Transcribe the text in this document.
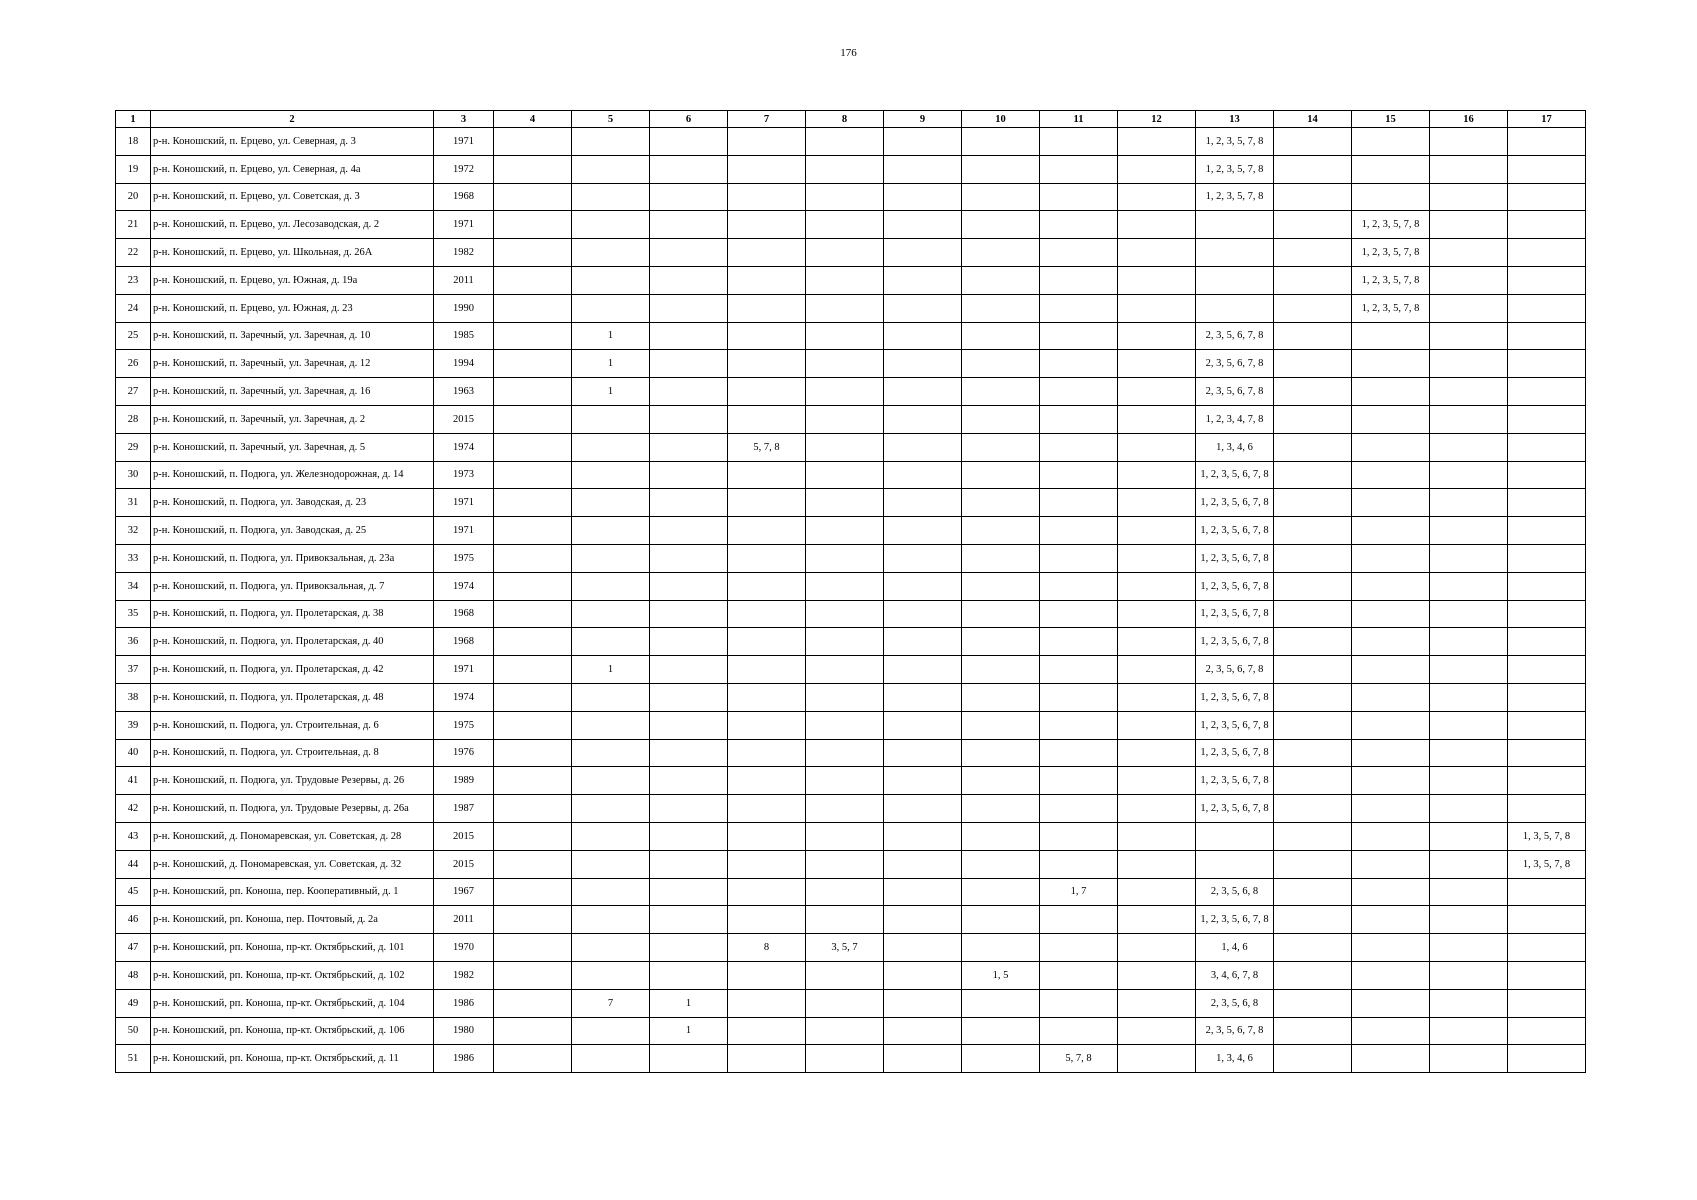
176
1	2	3	4	5	6	7	8	9	10	11	12	13	14	15	16	17
18	р-н. Коношский, п. Ерцево, ул. Северная, д. 3	1971										1, 2, 3, 5, 7, 8				
19	р-н. Коношский, п. Ерцево, ул. Северная, д. 4а	1972										1, 2, 3, 5, 7, 8				
20	р-н. Коношский, п. Ерцево, ул. Советская, д. 3	1968										1, 2, 3, 5, 7, 8				
21	р-н. Коношский, п. Ерцево, ул. Лесозаводская, д. 2	1971												1, 2, 3, 5, 7, 8		
22	р-н. Коношский, п. Ерцево, ул. Школьная, д. 26А	1982												1, 2, 3, 5, 7, 8		
23	р-н. Коношский, п. Ерцево, ул. Южная, д. 19а	2011												1, 2, 3, 5, 7, 8		
24	р-н. Коношский, п. Ерцево, ул. Южная, д. 23	1990												1, 2, 3, 5, 7, 8		
25	р-н. Коношский, п. Заречный, ул. Заречная, д. 10	1985		1								2, 3, 5, 6, 7, 8				
26	р-н. Коношский, п. Заречный, ул. Заречная, д. 12	1994		1								2, 3, 5, 6, 7, 8				
27	р-н. Коношский, п. Заречный, ул. Заречная, д. 16	1963		1								2, 3, 5, 6, 7, 8				
28	р-н. Коношский, п. Заречный, ул. Заречная, д. 2	2015										1, 2, 3, 4, 7, 8				
29	р-н. Коношский, п. Заречный, ул. Заречная, д. 5	1974				5, 7, 8						1, 3, 4, 6				
30	р-н. Коношский, п. Подюга, ул. Железнодорожная, д. 14	1973										1, 2, 3, 5, 6, 7, 8				
31	р-н. Коношский, п. Подюга, ул. Заводская, д. 23	1971										1, 2, 3, 5, 6, 7, 8				
32	р-н. Коношский, п. Подюга, ул. Заводская, д. 25	1971										1, 2, 3, 5, 6, 7, 8				
33	р-н. Коношский, п. Подюга, ул. Привокзальная, д. 23а	1975										1, 2, 3, 5, 6, 7, 8				
34	р-н. Коношский, п. Подюга, ул. Привокзальная, д. 7	1974										1, 2, 3, 5, 6, 7, 8				
35	р-н. Коношский, п. Подюга, ул. Пролетарская, д. 38	1968										1, 2, 3, 5, 6, 7, 8				
36	р-н. Коношский, п. Подюга, ул. Пролетарская, д. 40	1968										1, 2, 3, 5, 6, 7, 8				
37	р-н. Коношский, п. Подюга, ул. Пролетарская, д. 42	1971		1								2, 3, 5, 6, 7, 8				
38	р-н. Коношский, п. Подюга, ул. Пролетарская, д. 48	1974										1, 2, 3, 5, 6, 7, 8				
39	р-н. Коношский, п. Подюга, ул. Строительная, д. 6	1975										1, 2, 3, 5, 6, 7, 8				
40	р-н. Коношский, п. Подюга, ул. Строительная, д. 8	1976										1, 2, 3, 5, 6, 7, 8				
41	р-н. Коношский, п. Подюга, ул. Трудовые Резервы, д. 26	1989										1, 2, 3, 5, 6, 7, 8				
42	р-н. Коношский, п. Подюга, ул. Трудовые Резервы, д. 26а	1987										1, 2, 3, 5, 6, 7, 8				
43	р-н. Коношский, д. Пономаревская, ул. Советская, д. 28	2015														1, 3, 5, 7, 8
44	р-н. Коношский, д. Пономаревская, ул. Советская, д. 32	2015														1, 3, 5, 7, 8
45	р-н. Коношский, рп. Коноша, пер. Кооперативный, д. 1	1967								1, 7		2, 3, 5, 6, 8				
46	р-н. Коношский, рп. Коноша, пер. Почтовый, д. 2а	2011										1, 2, 3, 5, 6, 7, 8				
47	р-н. Коношский, рп. Коноша, пр-кт. Октябрьский, д. 101	1970				8	3, 5, 7					1, 4, 6				
48	р-н. Коношский, рп. Коноша, пр-кт. Октябрьский, д. 102	1982							1, 5			3, 4, 6, 7, 8				
49	р-н. Коношский, рп. Коноша, пр-кт. Октябрьский, д. 104	1986		7	1							2, 3, 5, 6, 8				
50	р-н. Коношский, рп. Коноша, пр-кт. Октябрьский, д. 106	1980			1							2, 3, 5, 6, 7, 8				
51	р-н. Коношский, рп. Коноша, пр-кт. Октябрьский, д. 11	1986								5, 7, 8		1, 3, 4, 6				
